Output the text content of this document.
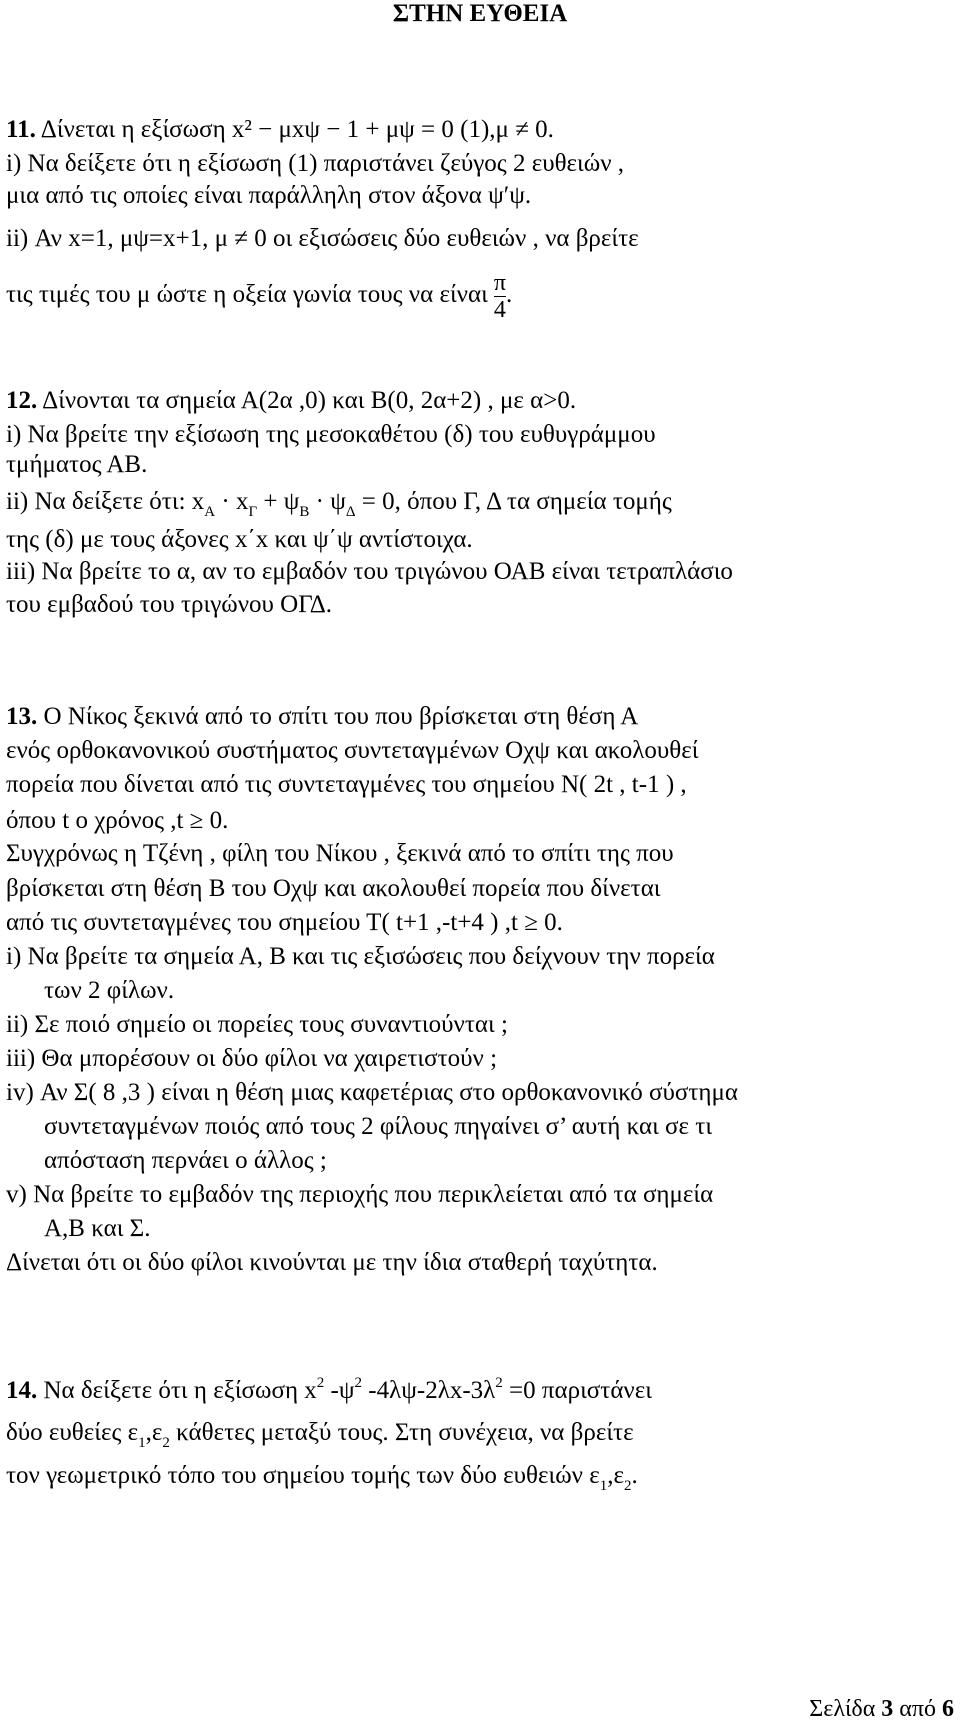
ΣΤΗΝ ΕΥΘΕΙΑ
11. Δίνεται η εξίσωση x² − μxψ − 1 + μψ = 0 (1),μ ≠ 0.
i) Να δείξετε ότι η εξίσωση (1) παριστάνει ζεύγος 2 ευθειών ,
μια από τις οποίες είναι παράλληλη στον άξονα ψ′ψ.
ii) Αν x=1, μψ=x+1, μ ≠ 0 οι εξισώσεις δύο ευθειών , να βρείτε
τις τιμές του μ ώστε η οξεία γωνία τους να είναι $\frac{\pi}{4}$ .
12. Δίνονται τα σημεία Α(2α ,0) και Β(0, 2α+2) , με α>0.
i) Να βρείτε την εξίσωση της μεσοκαθέτου (δ) του ευθυγράμμου
τμήματος ΑΒ.
ii) Να δείξετε ότι: $x_A \cdot x_\Gamma + \psi_B \cdot \psi_\Delta = 0$, όπου Γ, Δ τα σημεία τομής
της (δ) με τους άξονες x΄x και ψ΄ψ αντίστοιχα.
iii) Να βρείτε το α, αν το εμβαδόν του τριγώνου ΟΑΒ είναι τετραπλάσιο
του εμβαδού του τριγώνου ΟΓΔ.
13. Ο Νίκος ξεκινά από το σπίτι του που βρίσκεται στη θέση Α
ενός ορθοκανονικού συστήματος συντεταγμένων Οχψ και ακολουθεί
πορεία που δίνεται από τις συντεταγμένες του σημείου Ν( 2t , t-1 ) ,
όπου t ο χρόνος ,t ≥ 0.
Συγχρόνως η Τζένη , φίλη του Νίκου , ξεκινά από το σπίτι της που
βρίσκεται στη θέση Β του Οχψ και ακολουθεί πορεία που δίνεται
από τις συντεταγμένες του σημείου Τ( t+1 ,-t+4 ) ,t ≥ 0.
i) Να βρείτε τα σημεία Α, Β και τις εξισώσεις που δείχνουν την πορεία
των 2 φίλων.
ii) Σε ποιό σημείο οι πορείες τους συναντιούνται ;
iii) Θα μπορέσουν οι δύο φίλοι να χαιρετιστούν ;
iv) Αν Σ( 8 ,3 ) είναι η θέση μιας καφετέριας στο ορθοκανονικό σύστημα
συντεταγμένων ποιός από τους 2 φίλους πηγαίνει σ’ αυτή και σε τι
απόσταση περνάει ο άλλος ;
v) Να βρείτε το εμβαδόν της περιοχής που περικλείεται από τα σημεία
Α,Β και Σ.
Δίνεται ότι οι δύο φίλοι κινούνται με την ίδια σταθερή ταχύτητα.
14. Να δείξετε ότι η εξίσωση $x^2$ $-\psi^2$ $-4\lambda\psi-2\lambda x-3\lambda^2 =0$ παριστάνει
δύο ευθείες $\varepsilon_1,\varepsilon_2$ κάθετες μεταξύ τους. Στη συνέχεια, να βρείτε
τον γεωμετρικό τόπο του σημείου τομής των δύο ευθειών $\varepsilon_1,\varepsilon_2$.
Σελίδα 3 από 6
